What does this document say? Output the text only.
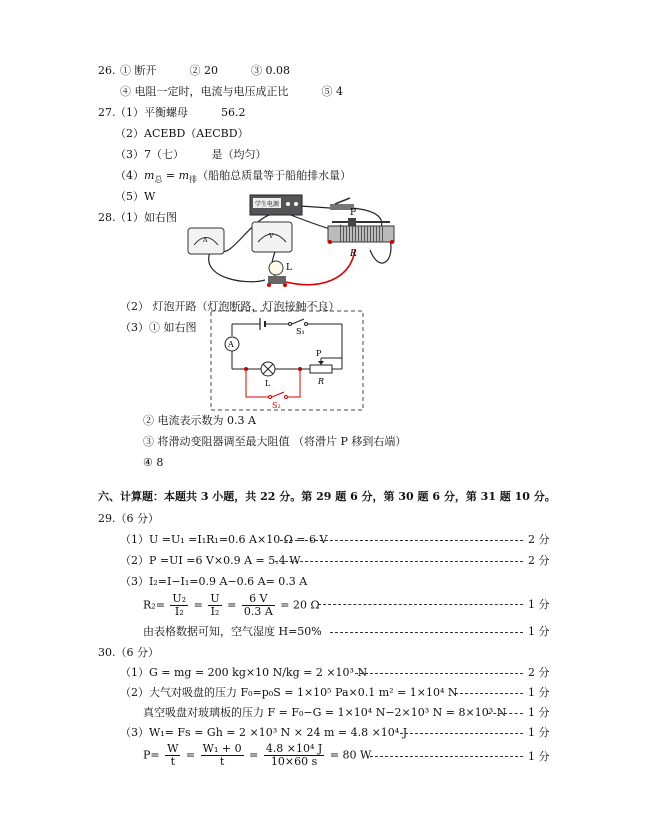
26. ① 断开　　　② 20　　　③ 0.08
④ 电阻一定时，电流与电压成正比　　　⑤ 4
27. （1）平衡螺母　　　56.2
（2）ACEBD（AECBD）
（3）7（七）　　　是（均匀）
$(4)m_总 = m_排$（船舶总质量等于船舶排水量）
（5）W
28. （1）如右图
学生电源
A
V
L
P
R
（2） 灯泡开路（灯泡断路，灯泡接触不良）
（3）① 如右图	S₁
A
L
P
R
S₂
② 电流表示数为 0.3 A
③ 将滑动变阻器调至最大阻值 （将滑片 P 移到右端）
④ 8
六、计算题：本题共 3 小题，共 22 分。第 29 题 6 分，第 30 题 6 分，第 31 题 10 分。
29.（6 分）
（1）U =U₁ =I₁R₁=0.6 A×10 Ω = 6 V	2 分
（2）P =UI =6 V×0.9 A = 5.4 W	2 分
（3）I₂=I−I₁=0.9 A−0.6 A= 0.3 A
$R_2= \frac{\text{U₂}}{\text{I₂}} = \frac{U}{\text{I₂}} = \frac{6 V}{0.3 A} = 20$ Ω	1 分
由表格数据可知，空气湿度 H=50%	1 分
30.（6 分）
（1）G = mg = 200 kg×10 N/kg = 2 ×10³ N	2 分
（2）大气对吸盘的压力 F₀=p₀S = 1×10⁵ Pa×0.1 m² = 1×10⁴ N	1 分
真空吸盘对玻璃板的压力 F = F₀−G = 1×10⁴ N−2×10³ N = 8×10³ N 1 分
（3）W₁= Fs = Gh = 2 ×10³ N × 24 m = 4.8 ×10⁴ J	1 分
$P= \frac{W}{t} = \frac{\text{W₁ + 0}}{t} = \frac{\text{4.8 ×10⁴ J}}{10\times 60 s} = 80$ W	1 分
